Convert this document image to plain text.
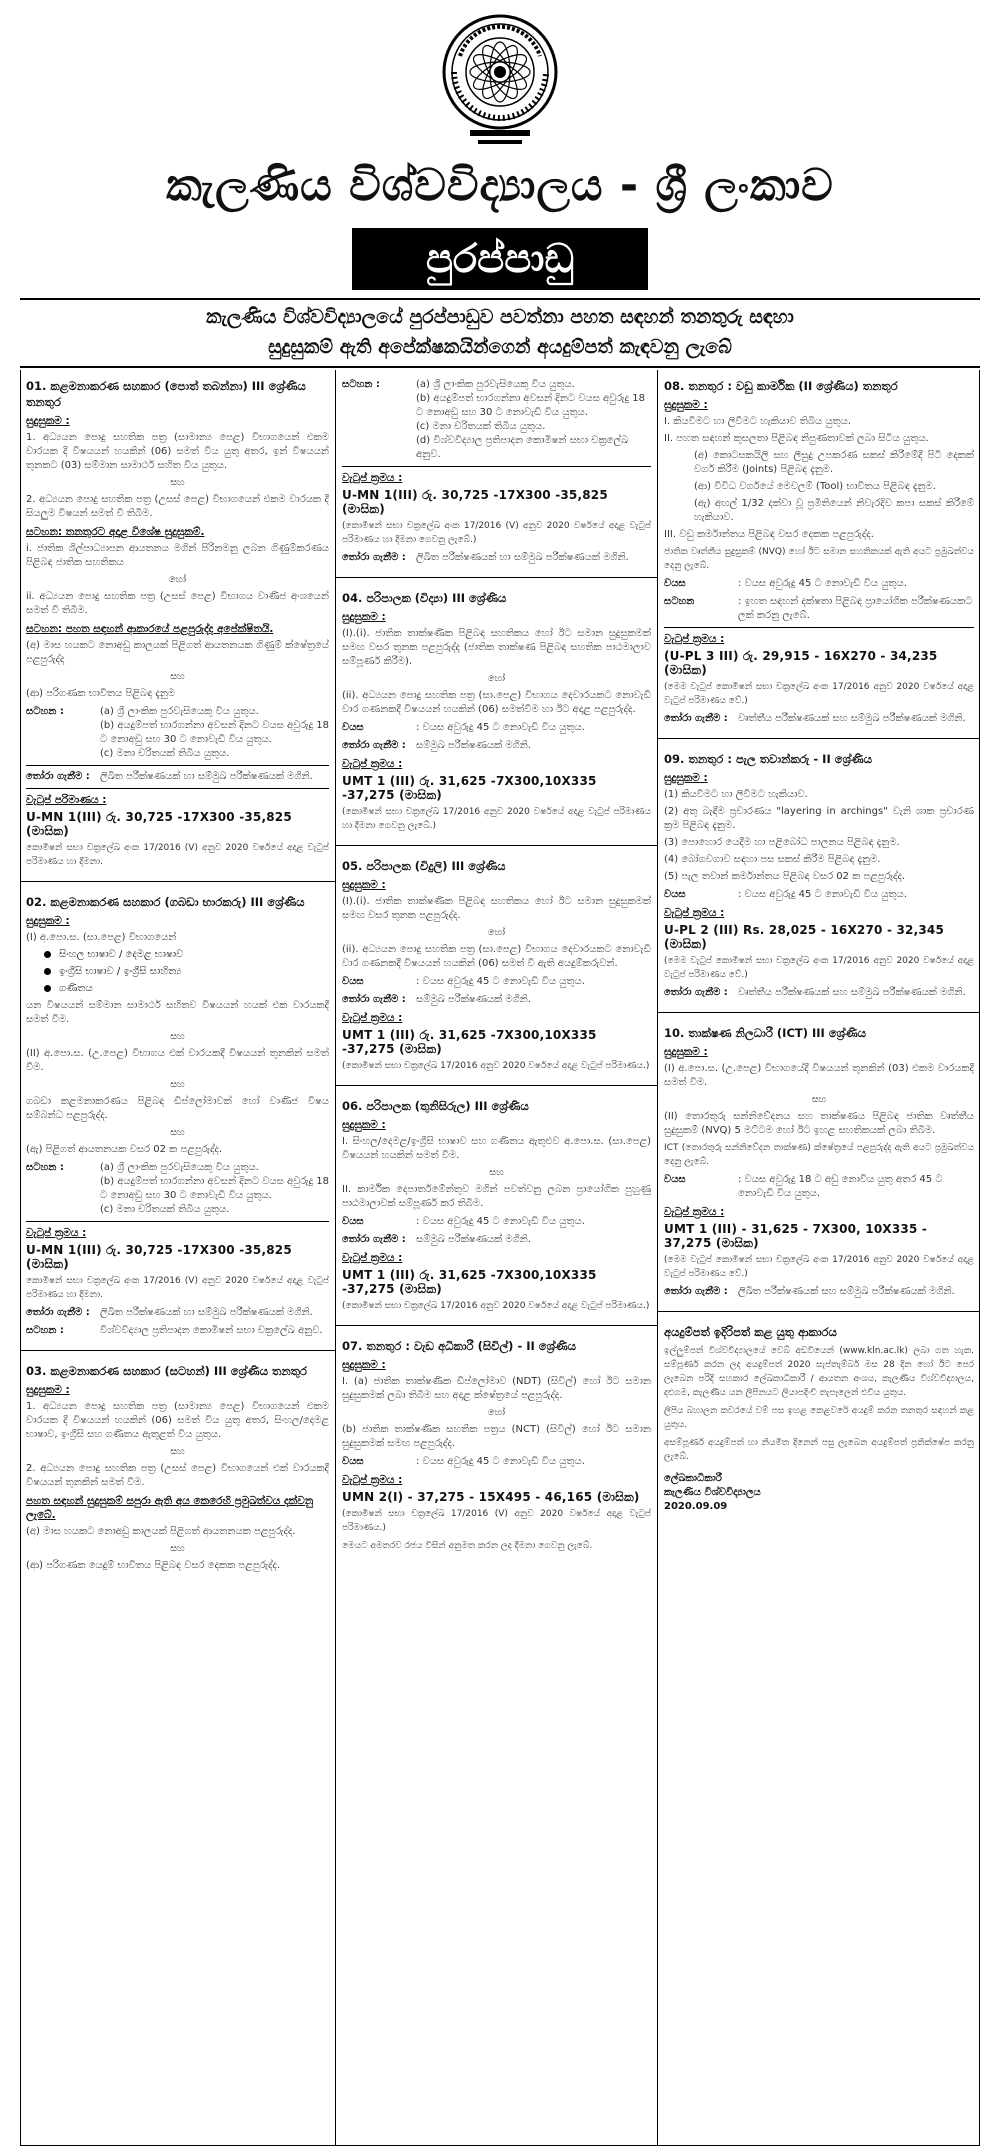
කැලණිය විශ්වවිද්‍යාලය - ශ්‍රී ලංකාව
පුරප්පාඩු
කැලණිය විශ්වවිද්‍යාලයේ පුරප්පාඩුව පවත්නා පහත සඳහන් තනතුරු සඳහා
සුදුසුකම් ඇති අපේක්ෂකයින්ගෙන් අයදුම්පත් කැඳවනු ලැබේ
01. කළමනාකරණ සහකාර (පොත් තබන්නා) III ශ්‍රේණිය තනතුර
සුදුසුකම :
1. අධ්‍යයන පොදු සහතික පත්‍ර (සාමාන්‍ය පෙළ) විභාගයෙන් එකම වාරයක දී විෂයයන් හයකින් (06) සමත් විය යුතු අතර, ඉන් විෂයයන් තුනකට (03) සම්මාන සාමාර්ථ සහිත විය යුතුය.
සහ
2. අධ්‍යයන පොදු සහතික පත්‍ර (උසස් පෙළ) විභාගයෙන් එකම වාරයක දී සියලුම විෂයන් සමත් වී තිබීම.
සටහන: තනතුරට අදාළ විශේෂ සුදුසුකම්.
i. ජාතික ශිල්පාධ්‍යාපන ආයතනය මගින් පිරිනමනු ලබන ගිණුම්කරණය පිළිබඳ ජාතික සහතිකය
හෝ
ii. අධ්‍යයන පොදු සහතික පත්‍ර (උසස් පෙළ) විභාගය වාණිජ අංශයෙන් සමත් වී තිබීම.
සටහන: පහත සඳහන් ආකාරයේ පළපුරුද්ද අපේක්ෂිතයි.
(අ) මාස හයකට නොඅඩු කාලයක් පිළිගත් ආයතනයක ගිණුම් ක්ෂේත්‍රයේ පළපුරුද්ද
සහ
(ආ) පරිගණක භාවිතය පිළිබඳ දැනුම
සටහන :	(a) ශ්‍රී ලාංකික පුරවැසියෙකු විය යුතුය.
(b) අයදුම්පත් භාරගන්නා අවසන් දිනට වයස අවුරුදු 18 ට නොඅඩු සහ 30 ට නොවැඩි විය යුතුය.
(c) මනා චරිතයක් තිබිය යුතුය.
තෝරා ගැනීම :	ලිඛිත පරීක්ෂණයක් හා සම්මුඛ පරීක්ෂණයක් මගිනි.
වැටුප් පරිමාණය :
U-MN 1(III) රු. 30,725 -17X300 -35,825 (මාසික)
කොමිෂන් සභා චක්‍රලේඛ අංක 17/2016 (V) අනුව 2020 වර්ෂයේ අදාළ වැටුප් පරිමාණය හා දීමනා.
02. කළමනාකරණ සහකාර (ගබඩා භාරකරු) III ශ්‍රේණිය
සුදුසුකම :
(I) අ.පො.ස. (සා.පෙළ) විභාගයෙන්
සිංහල භාෂාව / දෙමළ භාෂාව
ඉංග්‍රීසි භාෂාව / ඉංග්‍රීසි සාහිත්‍ය
ගණිතය
යන විෂයයන් සම්මාන සාමාර්ථ සහිතව විෂයයන් හයක් එක වාරයකදී සමත් වීම.
සහ
(II) අ.පො.ස. (උ.පෙළ) විභාගය එක් වාරයකදී විෂයයන් තුනකින් සමත් වීම.
සහ
ගබඩා කළමනාකරණය පිළිබඳ ඩිප්ලෝමාවක් හෝ වාණිජ විෂය සම්බන්ධ පළපුරුද්ද.
සහ
(ඇ) පිළිගත් ආයතනයක වසර 02 ක පළපුරුද්ද.
සටහන :	(a) ශ්‍රී ලාංකික පුරවැසියෙකු විය යුතුය.
(b) අයදුම්පත් භාරගන්නා අවසන් දිනට වයස අවුරුදු 18 ට නොඅඩු සහ 30 ට නොවැඩි විය යුතුය.
(c) මනා චරිතයක් තිබිය යුතුය.
වැටුප් ක්‍රමය :
U-MN 1(III) රු. 30,725 -17X300 -35,825 (මාසික)
කොමිෂන් සභා චක්‍රලේඛ අංක 17/2016 (V) අනුව 2020 වර්ෂයේ අදාළ වැටුප් පරිමාණය හා දීමනා.
තෝරා ගැනීම :	ලිඛිත පරීක්ෂණයක් හා සම්මුඛ පරීක්ෂණයක් මගිනි.
සටහන :	විශ්වවිද්‍යාල ප්‍රතිපාදන කොමිෂන් සභා චක්‍රලේඛ අනුව.
03. කළමනාකරණ සහකාර (සටහන්) III ශ්‍රේණිය තනතුර
සුදුසුකම :
1. අධ්‍යයන පොදු සහතික පත්‍ර (සාමාන්‍ය පෙළ) විභාගයෙන් එකම වාරයක දී විෂයයන් හයකින් (06) සමත් විය යුතු අතර, සිංහල/දෙමළ භාෂාව, ඉංග්‍රීසි සහ ගණිතය ඇතුළත් විය යුතුය.
සහ
2. අධ්‍යයන පොදු සහතික පත්‍ර (උසස් පෙළ) විභාගයෙන් එක් වාරයකදී විෂයයන් තුනකින් සමත් වීම.
පහත සඳහන් සුදුසුකම් සපුරා ඇති අය කෙරෙහි ප්‍රමුඛත්වය දක්වනු ලැබේ.
(අ) මාස හයකට නොඅඩු කාලයක් පිළිගත් ආයතනයක පළපුරුද්ද.
සහ
(ආ) පරිගණක යෙදුම් භාවිතය පිළිබඳ වසර දෙකක පළපුරුද්ද.
සටහන :	(a) ශ්‍රී ලාංකික පුරවැසියෙකු විය යුතුය.
(b) අයදුම්පත් භාරගන්නා අවසන් දිනට වයස අවුරුදු 18 ට නොඅඩු සහ 30 ට නොවැඩි විය යුතුය.
(c) මනා චරිතයක් තිබිය යුතුය.
(d) විශ්වවිද්‍යාල ප්‍රතිපාදන කොමිෂන් සභා චක්‍රලේඛ අනුව.
වැටුප් ක්‍රමය :
U-MN 1(III) රු. 30,725 -17X300 -35,825 (මාසික)
(කොමිෂන් සභා චක්‍රලේඛ අංක 17/2016 (V) අනුව 2020 වර්ෂයේ අදාළ වැටුප් පරිමාණය හා දීමනා ගෙවනු ලැබේ.)
තෝරා ගැනීම :	ලිඛිත පරීක්ෂණයක් හා සම්මුඛ පරීක්ෂණයක් මගිනි.
04. පරිපාලක (විද්‍යා) III ශ්‍රේණිය
සුදුසුකම :
(I).(i). ජාතික තාක්ෂණික පිළිබඳ සහතිකය හෝ ඊට සමාන සුදුසුකමක් සමඟ වසර තුනක පළපුරුද්ද (ජාතික තාක්ෂණ පිළිබඳ සහතික පාඨමාලාව සම්පූර්ණ කිරීම).
හෝ
(ii). අධ්‍යයන පොදු සහතික පත්‍ර (සා.පෙළ) විභාගය දෙවාරයකට නොවැඩි වාර ගණනකදී විෂයයන් හයකින් (06) සමත්වීම හා ඊට අදාළ පළපුරුද්ද.
වයස	: වයස අවුරුදු 45 ට නොවැඩි විය යුතුය.
තෝරා ගැනීම :	සම්මුඛ පරීක්ෂණයක් මගිනි.
වැටුප් ක්‍රමය :
UMT 1 (III) රු. 31,625 -7X300,10X335 -37,275 (මාසික)
(කොමිෂන් සභා චක්‍රලේඛ 17/2016 අනුව 2020 වර්ෂයේ අදාළ වැටුප් පරිමාණය හා දීමනා ගෙවනු ලැබේ.)
05. පරිපාලක (විදුලි) III ශ්‍රේණිය
සුදුසුකම :
(I).(i). ජාතික තාක්ෂණික පිළිබඳ සහතිකය හෝ ඊට සමාන සුදුසුකමක් සමඟ වසර තුනක පළපුරුද්ද.
හෝ
(ii). අධ්‍යයන පොදු සහතික පත්‍ර (සා.පෙළ) විභාගය දෙවාරයකට නොවැඩි වාර ගණනකදී විෂයයන් හයකින් (06) සමත් වී ඇති අයදුම්කරුවන්.
වයස	: වයස අවුරුදු 45 ට නොවැඩි විය යුතුය.
තෝරා ගැනීම :	සම්මුඛ පරීක්ෂණයක් මගිනි.
වැටුප් ක්‍රමය :
UMT 1 (III) රු. 31,625 -7X300,10X335 -37,275 (මාසික)
(කොමිෂන් සභා චක්‍රලේඛ 17/2016 අනුව 2020 වර්ෂයේ අදාළ වැටුප් පරිමාණය.)
06. පරිපාලක (තුනිසිරුල) III ශ්‍රේණිය
සුදුසුකම :
I. සිංහල/දෙමළ/ඉංග්‍රීසි භාෂාව සහ ගණිතය ඇතුළුව අ.පො.ස. (සා.පෙළ) විෂයයන් හයකින් සමත් වීම.
සහ
II. කාර්මික දෙපාර්තමේන්තුව මගින් පවත්වනු ලබන ප්‍රායෝගික පුහුණු පාඨමාලාවක් සම්පූර්ණ කර තිබීම.
වයස	: වයස අවුරුදු 45 ට නොවැඩි විය යුතුය.
තෝරා ගැනීම :	සම්මුඛ පරීක්ෂණයක් මගිනි.
වැටුප් ක්‍රමය :
UMT 1 (III) රු. 31,625 -7X300,10X335 -37,275 (මාසික)
(කොමිෂන් සභා චක්‍රලේඛ 17/2016 අනුව 2020 වර්ෂයේ අදාළ වැටුප් පරිමාණය.)
07. තනතුර : වැඩ අධිකාරී (සිවිල්) - II ශ්‍රේණිය
සුදුසුකම :
I. (a) ජාතික තාක්ෂණික ඩිප්ලෝමාව (NDT) (සිවිල්) හෝ ඊට සමාන සුදුසුකමක් ලබා තිබීම සහ අදාළ ක්ෂේත්‍රයේ පළපුරුද්ද.
හෝ
(b) ජාතික තාක්ෂණික සහතික පත්‍රය (NCT) (සිවිල්) හෝ ඊට සමාන සුදුසුකමක් සමඟ පළපුරුද්ද.
වයස	: වයස අවුරුදු 45 ට නොවැඩි විය යුතුය.
වැටුප් ක්‍රමය :
UMN 2(I) - 37,275 - 15X495 - 46,165 (මාසික)
(කොමිෂන් සභා චක්‍රලේඛ 17/2016 (V) අනුව 2020 වර්ෂයේ අදාළ වැටුප් පරිමාණය.)
මෙයට අමතරව රජය විසින් අනුමත කරන ලද දීමනා ගෙවනු ලැබේ.
08. තනතුර : වඩු කාර්මික (II ශ්‍රේණිය) තනතුර
සුදුසුකම :
I. කියවීමට හා ලිවීමට හැකියාව තිබිය යුතුය.
II. පහත සඳහන් කුසලතා පිළිබඳ නිපුණතාවක් ලබා සිටිය යුතුය.
(අ) කොටසකයිලි සහ ලීසුදු උපකරණ සකස් කිරීමේදී පිටි දෙකක් වර්ග කිරීම (Joints) පිළිබඳ දැනුම.
(ආ) විවිධ වර්ගයේ මෙවලම් (Tool) භාවිතය පිළිබඳ දැනුම.
(ඇ) අඟල් 1/32 දක්වා වූ ප්‍රමිතියෙන් නිවැරදිව කපා සකස් කිරීමේ හැකියාව.
III. වඩු කර්මාන්තය පිළිබඳ වසර දෙකක පළපුරුද්ද.
ජාතික වෘත්තීය සුදුසුකම් (NVQ) හෝ ඊට සමාන සහතිකයක් ඇති අයට ප්‍රමුඛත්වය දෙනු ලැබේ.
වයස	: වයස අවුරුදු 45 ට නොවැඩි විය යුතුය.
සටහන	: ඉහත සඳහන් දක්ෂතා පිළිබඳ ප්‍රායෝගික පරීක්ෂණයකට ලක් කරනු ලැබේ.
වැටුප් ක්‍රමය :
(U-PL 3 III) රු. 29,915 - 16X270 - 34,235 (මාසික)
(මෙම වැටුප් කොමිෂන් සභා චක්‍රලේඛ අංක 17/2016 අනුව 2020 වර්ෂයේ අදාළ වැටුප් පරිමාණය වේ.)
තෝරා ගැනීම :	වෘත්තීය පරීක්ෂණයක් සහ සම්මුඛ පරීක්ෂණයක් මගිනි.
09. තනතුර : පැල තවාන්කරු - II ශ්‍රේණිය
සුදුසුකම :
(1) කියවීමට හා ලිවීමට හැකියාව.
(2) අතු බැඳීම ප්‍රචාරණය "layering in archings" වැනි ශාක ප්‍රචාරණ ක්‍රම පිළිබඳ දැනුම.
(3) පොහොර යෙදීම හා පළිබෝධ පාලනය පිළිබඳ දැනුම.
(4) බෝගවගාව සඳහා පස සකස් කිරීම පිළිබඳ දැනුම.
(5) පැල තවාන් කර්මාන්තය පිළිබඳ වසර 02 ක පළපුරුද්ද.
වයස	: වයස අවුරුදු 45 ට නොවැඩි විය යුතුය.
වැටුප් ක්‍රමය :
U-PL 2 (III) Rs. 28,025 - 16X270 - 32,345 (මාසික)
(මෙම වැටුප් කොමිෂන් සභා චක්‍රලේඛ අංක 17/2016 අනුව 2020 වර්ෂයේ අදාළ වැටුප් පරිමාණය වේ.)
තෝරා ගැනීම :	වෘත්තීය පරීක්ෂණයක් සහ සම්මුඛ පරීක්ෂණයක් මගිනි.
10. තාක්ෂණ නිලධාරී (ICT) III ශ්‍රේණිය
සුදුසුකම :
(I) අ.පො.ස. (උ.පෙළ) විභාගයේදී විෂයයන් තුනකින් (03) එකම වාරයකදී සමත් වීම.
සහ
(II) තොරතුරු සන්නිවේදනය සහ තාක්ෂණය පිළිබඳ ජාතික වෘත්තීය සුදුසුකම් (NVQ) 5 මට්ටම හෝ ඊට ඉහළ සහතිකයක් ලබා තිබීම.
ICT (තොරතුරු සන්නිවේදන තාක්ෂණ) ක්ෂේත්‍රයේ පළපුරුද්ද ඇති අයට ප්‍රමුඛත්වය දෙනු ලැබේ.
වයස	: වයස අවුරුදු 18 ට අඩු නොවිය යුතු අතර 45 ට නොවැඩි විය යුතුය.
වැටුප් ක්‍රමය :
UMT 1 (III) - 31,625 - 7X300, 10X335 - 37,275 (මාසික)
(මෙම වැටුප් කොමිෂන් සභා චක්‍රලේඛ අංක 17/2016 අනුව 2020 වර්ෂයේ අදාළ වැටුප් පරිමාණය වේ.)
තෝරා ගැනීම :	ලිඛිත පරීක්ෂණයක් සහ සම්මුඛ පරීක්ෂණයක් මගිනි.
අයදුම්පත් ඉදිරිපත් කළ යුතු ආකාරය
ඉල්ලුම්පත් විශ්වවිද්‍යාලයේ වෙබ් අඩවියෙන් (www.kln.ac.lk) ලබා ගත හැක. සම්පූර්ණ කරන ලද අයදුම්පත් 2020 සැප්තැම්බර් මස 28 දින හෝ ඊට පෙර ලැබෙන පරිදි සහකාර ලේඛකාධිකාරී / ආයතන අංශය, කැලණිය විශ්වවිද්‍යාලය, දළුගම, කැලණිය යන ලිපිනයට ලියාපදිංචි තැපෑලෙන් එවිය යුතුය.
ලිපිය බහාලන කවරයේ වම් පස ඉහළ කෙළවරේ අයදුම් කරන තනතුර සඳහන් කළ යුතුය.
අසම්පූර්ණ අයදුම්පත් හා නියමිත දිනෙන් පසු ලැබෙන අයදුම්පත් ප්‍රතික්ෂේප කරනු ලැබේ.
ලේඛකාධිකාරී
කැලණිය විශ්වවිද්‍යාලය
2020.09.09
